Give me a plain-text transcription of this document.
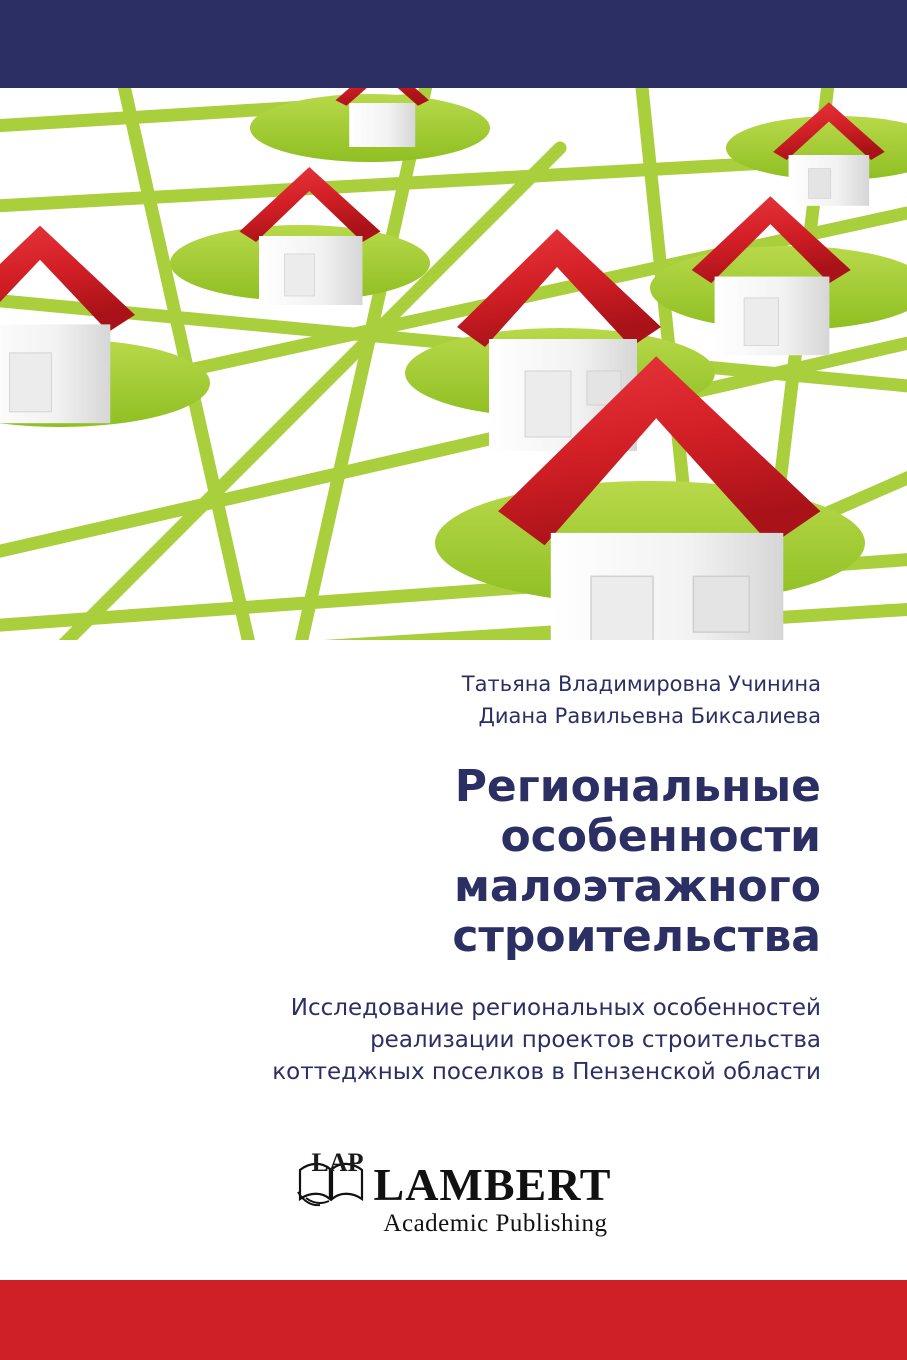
Татьяна Владимировна Учинина
Диана Равильевна Биксалиева
Региональные
особенности
малоэтажного
строительства
Исследование региональных особенностей
реализации проектов строительства
коттеджных поселков в Пензенской области
LAP LAMBERT
Academic Publishing
